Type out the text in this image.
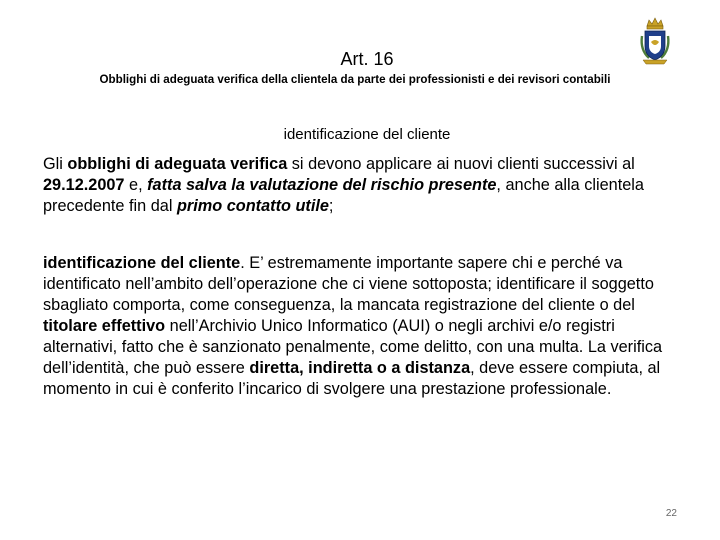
Art. 16
Obblighi di adeguata verifica della clientela da parte dei professionisti e dei revisori contabili
identificazione del cliente

Gli obblighi di adeguata verifica si devono applicare ai nuovi clienti successivi al 29.12.2007 e, fatta salva la valutazione del rischio presente, anche alla clientela precedente fin dal primo contatto utile;

identificazione del cliente. E’ estremamente importante sapere chi e perché va identificato nell’ambito dell’operazione che ci viene sottoposta; identificare il soggetto sbagliato comporta, come conseguenza, la mancata registrazione del cliente o del titolare effettivo nell’Archivio Unico Informatico (AUI) o negli archivi e/o registri alternativi, fatto che è sanzionato penalmente, come delitto, con una multa. La verifica dell’identità, che può essere diretta, indiretta o a distanza, deve essere compiuta, al momento in cui è conferito l’incarico di svolgere una prestazione professionale.

22
